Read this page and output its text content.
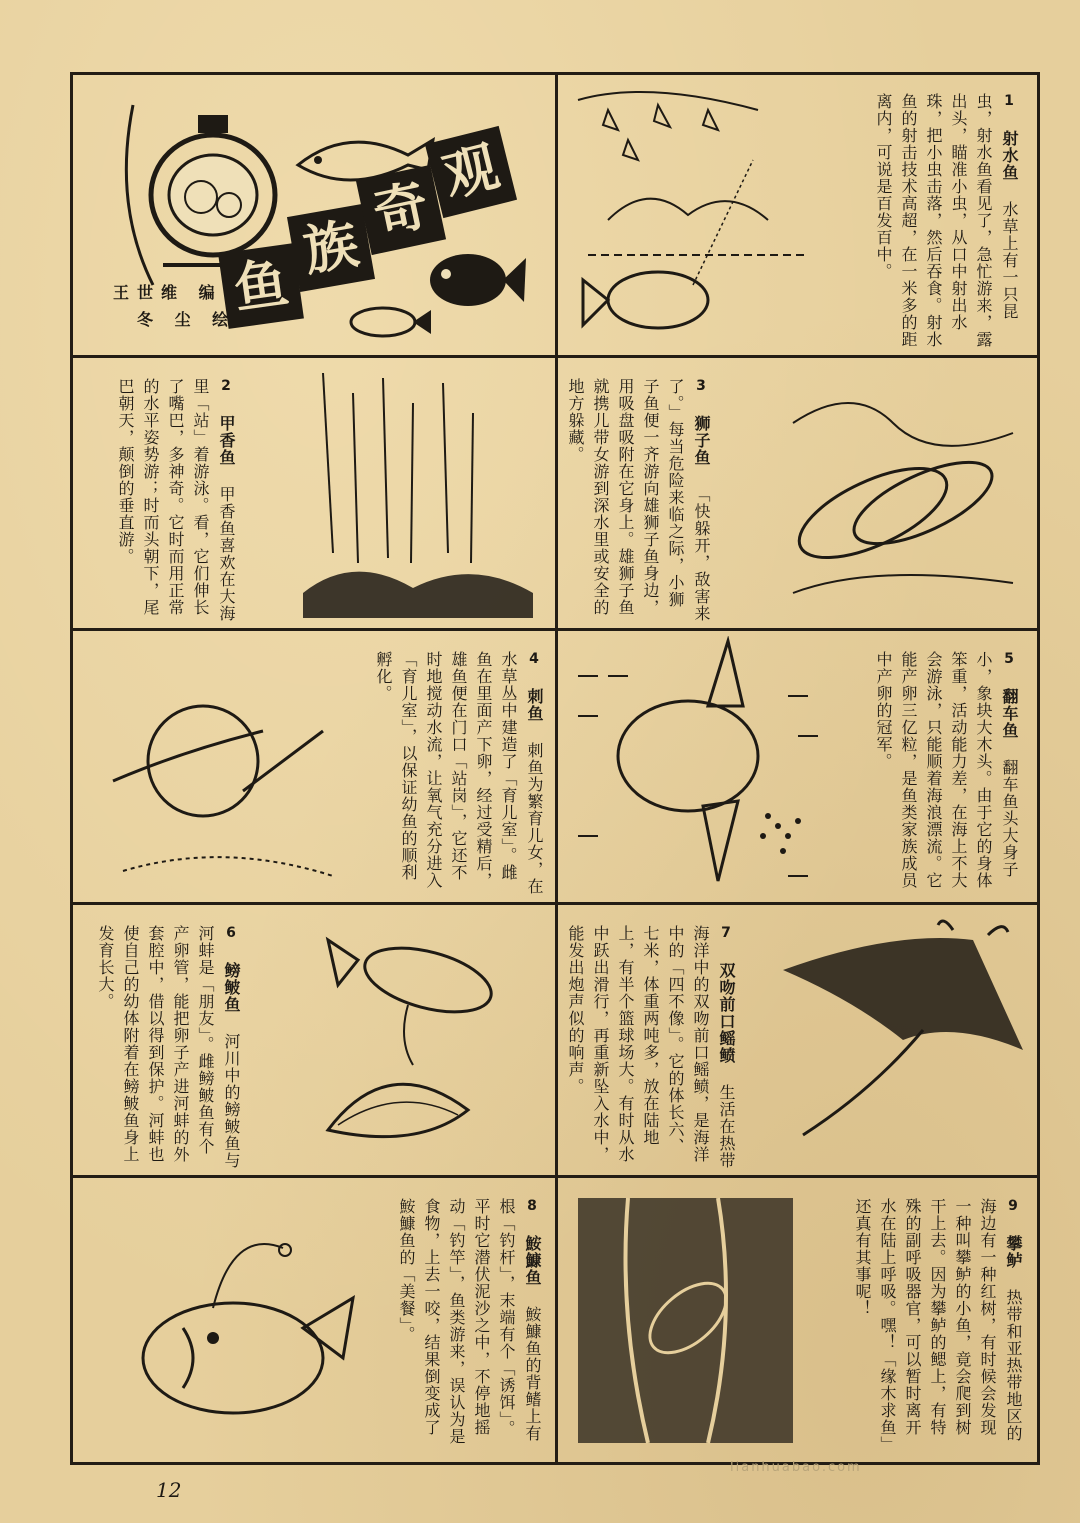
鱼
族
奇
观
王世维 编
冬 尘 绘
1 射水鱼 水草上有一只昆虫，射水鱼看见了，急忙游来，露出头，瞄准小虫，从口中射出水珠，把小虫击落，然后吞食。射水鱼的射击技术高超，在一米多的距离内，可说是百发百中。
2 甲香鱼 甲香鱼喜欢在大海里「站」着游泳。看，它们伸长了嘴巴，多神奇。它时而用正常的水平姿势游；时而头朝下，尾巴朝天，颠倒的垂直游。	3 狮子鱼 「快躲开，敌害来了。」每当危险来临之际，小狮子鱼便一齐游向雄狮子鱼身边，用吸盘吸附在它身上。雄狮子鱼就携儿带女游到深水里或安全的地方躲藏。
4 刺鱼 刺鱼为繁育儿女，在水草丛中建造了「育儿室」。雌鱼在里面产下卵，经过受精后，雄鱼便在门口「站岗」，它还不时地搅动水流，让氧气充分进入「育儿室」，以保证幼鱼的顺利孵化。	5 翻车鱼 翻车鱼头大身子小，象块大木头。由于它的身体笨重，活动能力差，在海上不大会游泳，只能顺着海浪漂流。它能产卵三亿粒，是鱼类家族成员中产卵的冠军。
6 鳑鲏鱼 河川中的鳑鲏鱼与河蚌是「朋友」。雌鳑鲏鱼有个产卵管，能把卵子产进河蚌的外套腔中，借以得到保护。河蚌也使自己的幼体附着在鳑鲏鱼身上发育长大。	7 双吻前口鳐鲼 生活在热带海洋中的双吻前口鳐鲼，是海洋中的「四不像」。它的体长六、七米，体重两吨多，放在陆地上，有半个篮球场大。有时从水中跃出滑行，再重新坠入水中，能发出炮声似的响声。
8 鮟鱇鱼 鮟鱇鱼的背鳍上有根「钓杆」，末端有个「诱饵」。平时它潜伏泥沙之中，不停地摇动「钓竿」，鱼类游来，误认为是食物，上去一咬，结果倒变成了鮟鱇鱼的「美餐」。	9 攀鲈 热带和亚热带地区的海边有一种红树，有时候会发现一种叫攀鲈的小鱼，竟会爬到树干上去。因为攀鲈的鳃上，有特殊的副呼吸器官，可以暂时离开水在陆上呼吸。嘿！「缘木求鱼」还真有其事呢！
12
lianhuabao.com
